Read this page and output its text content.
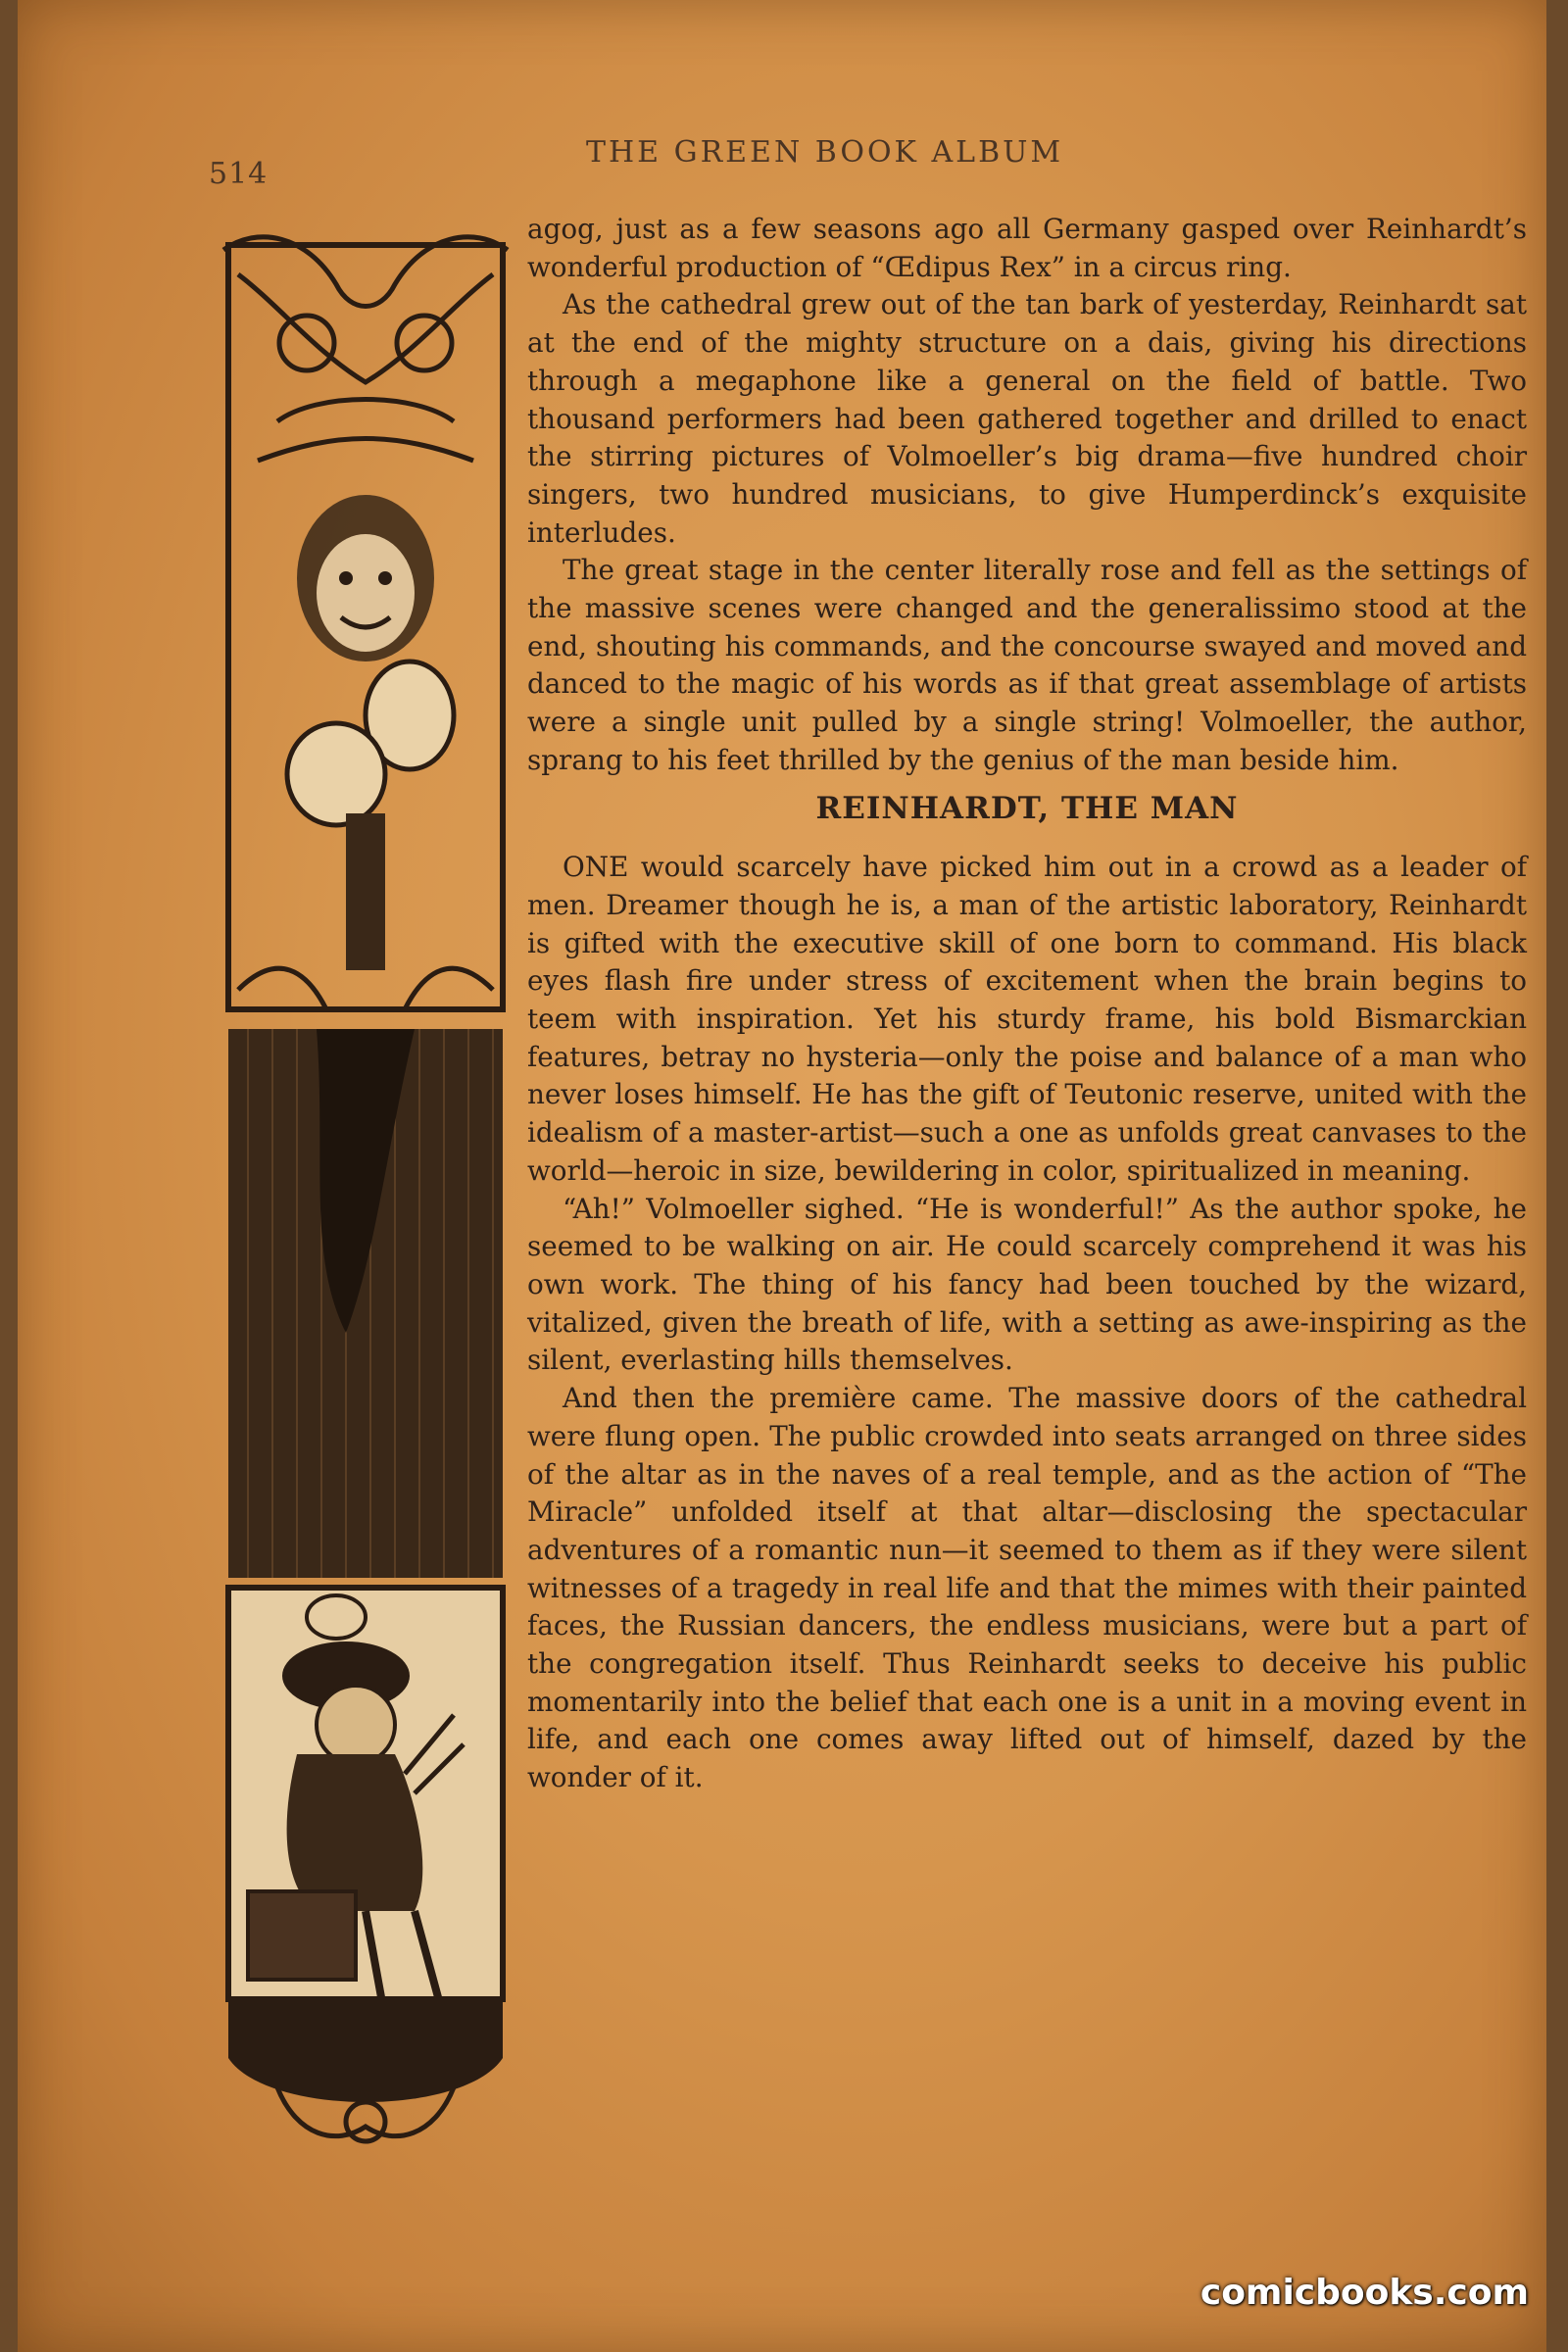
514
THE GREEN BOOK ALBUM

agog, just as a few seasons ago all Germany gasped over Reinhardt’s wonderful production of “Œdipus Rex” in a circus ring.

As the cathedral grew out of the tan bark of yesterday, Reinhardt sat at the end of the mighty structure on a dais, giving his directions through a megaphone like a general on the field of battle. Two thousand performers had been gathered together and drilled to enact the stirring pictures of Volmoeller’s big drama—five hundred choir singers, two hundred musicians, to give Humperdinck’s exquisite interludes.

The great stage in the center literally rose and fell as the settings of the massive scenes were changed and the generalissimo stood at the end, shouting his commands, and the concourse swayed and moved and danced to the magic of his words as if that great assemblage of artists were a single unit pulled by a single string! Volmoeller, the author, sprang to his feet thrilled by the genius of the man beside him.

REINHARDT, THE MAN

ONE would scarcely have picked him out in a crowd as a leader of men. Dreamer though he is, a man of the artistic laboratory, Reinhardt is gifted with the executive skill of one born to command. His black eyes flash fire under stress of excitement when the brain begins to teem with inspiration. Yet his sturdy frame, his bold Bismarckian features, betray no hysteria—only the poise and balance of a man who never loses himself. He has the gift of Teutonic reserve, united with the idealism of a master-artist—such a one as unfolds great canvases to the world—heroic in size, bewildering in color, spiritualized in meaning.

“Ah!” Volmoeller sighed. “He is wonderful!” As the author spoke, he seemed to be walking on air. He could scarcely comprehend it was his own work. The thing of his fancy had been touched by the wizard, vitalized, given the breath of life, with a setting as awe-inspiring as the silent, everlasting hills themselves.

And then the première came. The massive doors of the cathedral were flung open. The public crowded into seats arranged on three sides of the altar as in the naves of a real temple, and as the action of “The Miracle” unfolded itself at that altar—disclosing the spectacular adventures of a romantic nun—it seemed to them as if they were silent witnesses of a tragedy in real life and that the mimes with their painted faces, the Russian dancers, the endless musicians, were but a part of the congregation itself. Thus Reinhardt seeks to deceive his public momentarily into the belief that each one is a unit in a moving event in life, and each one comes away lifted out of himself, dazed by the wonder of it.

comicbooks.com
